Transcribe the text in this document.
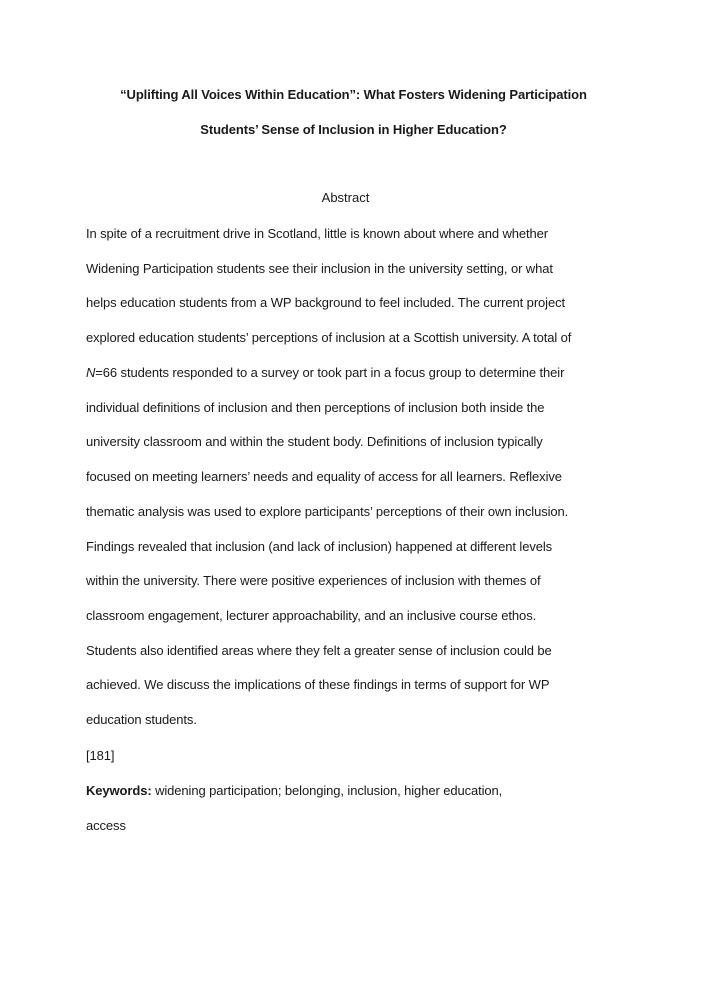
“Uplifting All Voices Within Education”: What Fosters Widening Participation
Students’ Sense of Inclusion in Higher Education?
Abstract
In spite of a recruitment drive in Scotland, little is known about where and whether
Widening Participation students see their inclusion in the university setting, or what
helps education students from a WP background to feel included. The current project
explored education students’ perceptions of inclusion at a Scottish university. A total of
N=66 students responded to a survey or took part in a focus group to determine their
individual definitions of inclusion and then perceptions of inclusion both inside the
university classroom and within the student body. Definitions of inclusion typically
focused on meeting learners’ needs and equality of access for all learners. Reflexive
thematic analysis was used to explore participants’ perceptions of their own inclusion.
Findings revealed that inclusion (and lack of inclusion) happened at different levels
within the university. There were positive experiences of inclusion with themes of
classroom engagement, lecturer approachability, and an inclusive course ethos.
Students also identified areas where they felt a greater sense of inclusion could be
achieved. We discuss the implications of these findings in terms of support for WP
education students.
[181]
Keywords: widening participation; belonging, inclusion, higher education,
access
